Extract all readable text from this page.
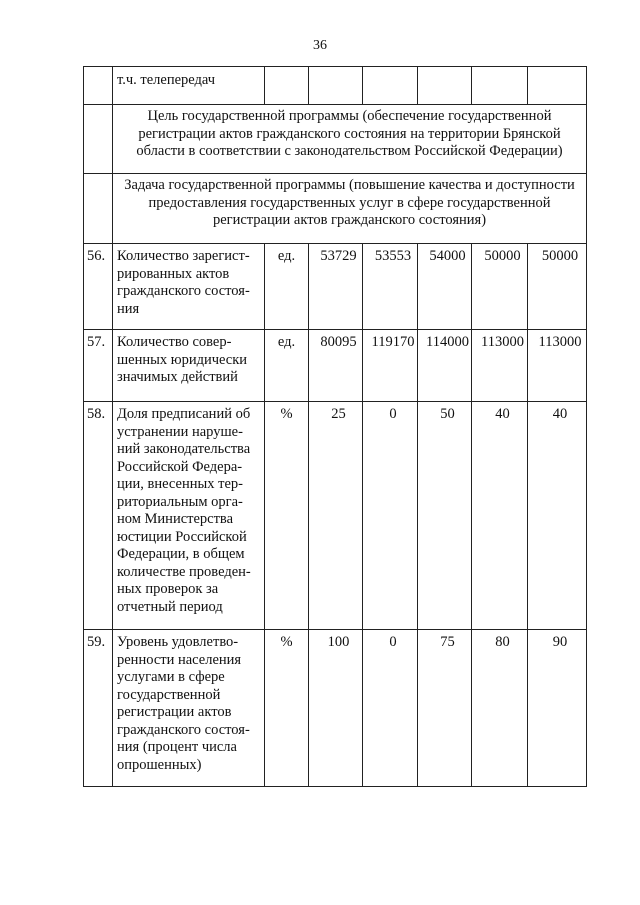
36
	т.ч. телепередач						
	Цель государственной программы (обеспечение государственной регистрации актов гражданского состояния на территории Брянской области в соответствии с законодательством Российской Федерации)						
	Задача государственной программы (повышение качества и доступности предоставления государственных услуг в сфере государственной регистрации актов гражданского состояния)						
56.	Количество зарегист-рированных актов гражданского состоя-ния	ед.	53729	53553	54000	50000	50000
57.	Количество совер-шенных юридически значимых действий	ед.	80095	119170	114000	113000	113000
58.	Доля предписаний об устранении наруше-ний законодательства Российской Федера-ции, внесенных тер-риториальным орга-ном Министерства юстиции Российской Федерации, в общем количестве проведен-ных проверок за отчетный период	%	25	0	50	40	40
59.	Уровень удовлетво-ренности населения услугами в сфере государственной регистрации актов гражданского состоя-ния (процент числа опрошенных)	%	100	0	75	80	90
